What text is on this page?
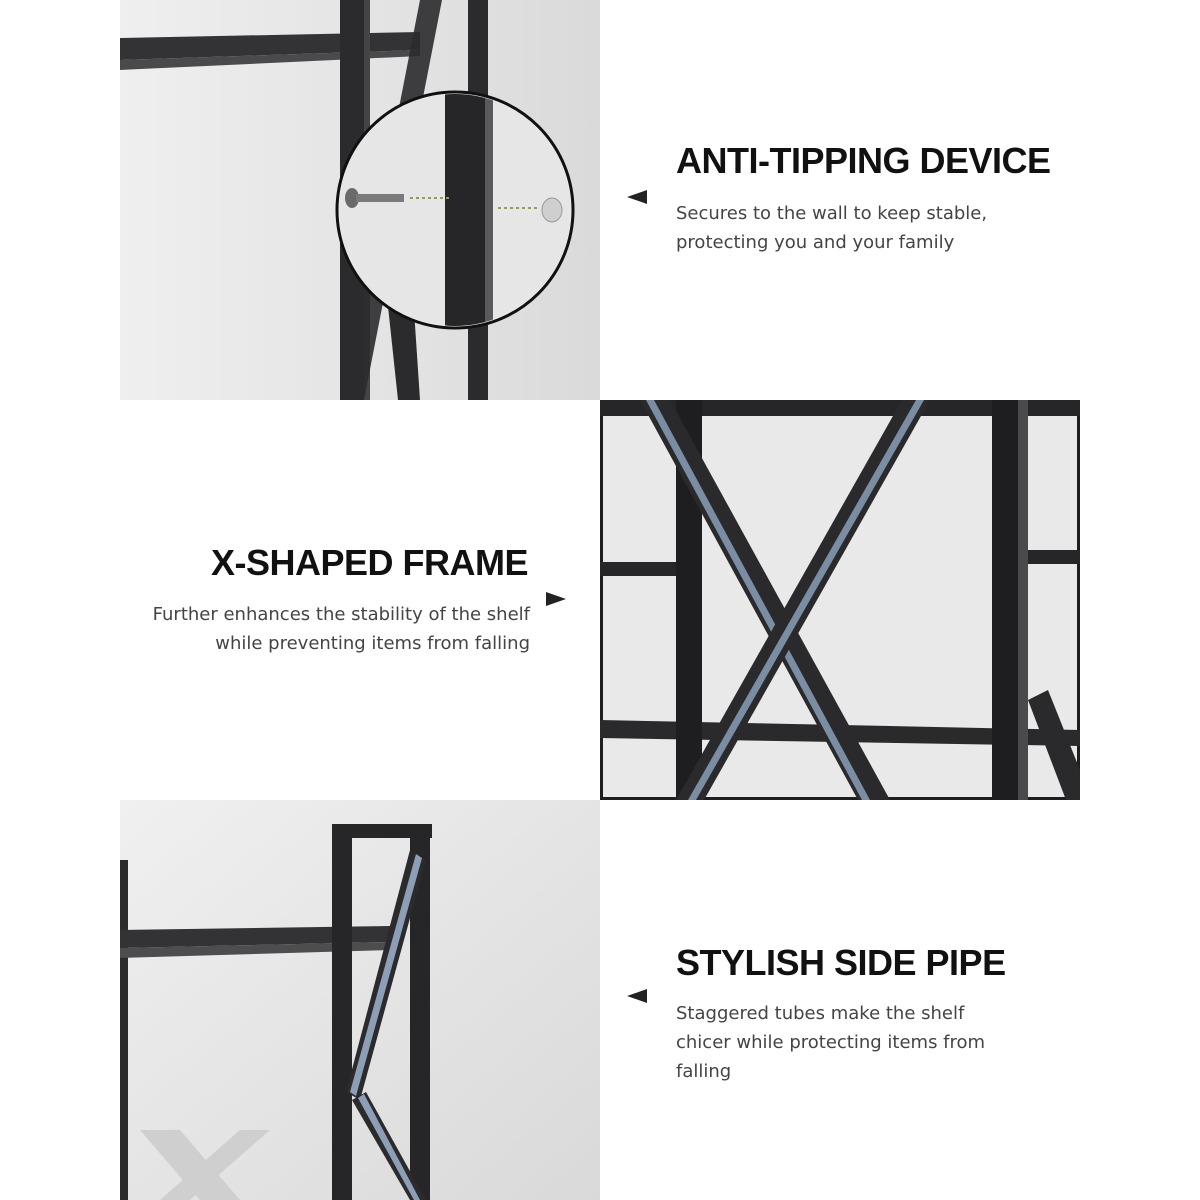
ANTI-TIPPING DEVICE

Secures to the wall to keep stable,
protecting you and your family

X-SHAPED FRAME

Further enhances the stability of the shelf
while preventing items from falling

STYLISH SIDE PIPE

Staggered tubes make the shelf
chicer while protecting items from
falling
